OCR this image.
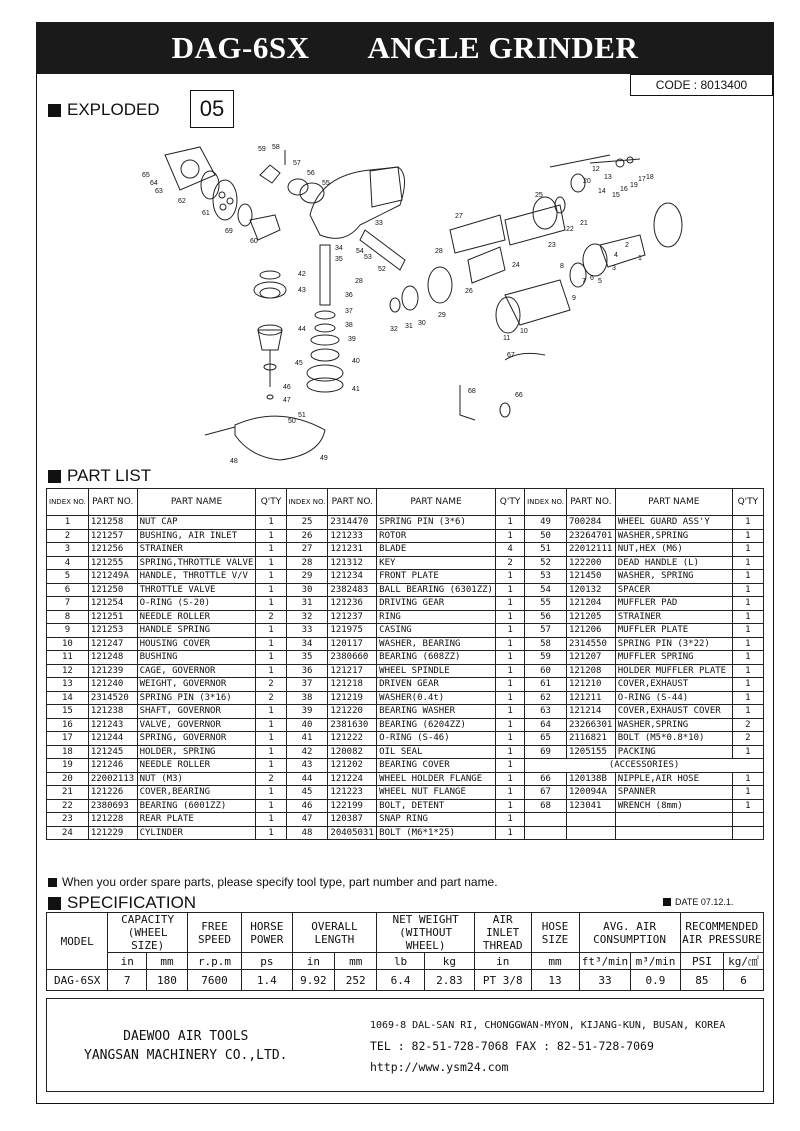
DAG-6SX ANGLE GRINDER
CODE : 8013400
EXPLODED	05
65
64
63
62
61
69
60
59 58
57
56
55
33
54
53
52
34
35
42
43
44
45
46
47
51
50
48	49
28
36
37
38
39
40
41
32 31 30
29
28
27
26
25
24
23
22
21
20
12
13
14
15
16
19
17 18
2
4	1
3
5
6
7
8
9
10
11
67
68
66
PART LIST
INDEX NO.	PART NO.	PART NAME	Q'TY	INDEX NO.	PART NO.	PART NAME	Q'TY	INDEX NO.	PART NO.	PART NAME	Q'TY
1	121258	NUT CAP	1	25	2314470	SPRING PIN (3*6)	1	49	700284	WHEEL GUARD ASS'Y	1
2	121257	BUSHING, AIR INLET	1	26	121233	ROTOR	1	50	23264701	WASHER,SPRING	1
3	121256	STRAINER	1	27	121231	BLADE	4	51	22012111	NUT,HEX (M6)	1
4	121255	SPRING,THROTTLE VALVE	1	28	121312	KEY	2	52	122200	DEAD HANDLE (L)	1
5	121249A	HANDLE, THROTTLE V/V	1	29	121234	FRONT PLATE	1	53	121450	WASHER, SPRING	1
6	121250	THROTTLE VALVE	1	30	2382483	BALL BEARING (6301ZZ)	1	54	120132	SPACER	1
7	121254	O-RING (S-20)	1	31	121236	DRIVING GEAR	1	55	121204	MUFFLER PAD	1
8	121251	NEEDLE ROLLER	2	32	121237	RING	1	56	121205	STRAINER	1
9	121253	HANDLE SPRING	1	33	121975	CASING	1	57	121206	MUFFLER PLATE	1
10	121247	HOUSING COVER	1	34	120117	WASHER, BEARING	1	58	2314550	SPRING PIN (3*22)	1
11	121248	BUSHING	1	35	2380660	BEARING (608ZZ)	1	59	121207	MUFFLER SPRING	1
12	121239	CAGE, GOVERNOR	1	36	121217	WHEEL SPINDLE	1	60	121208	HOLDER MUFFLER PLATE	1
13	121240	WEIGHT, GOVERNOR	2	37	121218	DRIVEN GEAR	1	61	121210	COVER,EXHAUST	1
14	2314520	SPRING PIN (3*16)	2	38	121219	WASHER(0.4t)	1	62	121211	O-RING (S-44)	1
15	121238	SHAFT, GOVERNOR	1	39	121220	BEARING WASHER	1	63	121214	COVER,EXHAUST COVER	1
16	121243	VALVE, GOVERNOR	1	40	2381630	BEARING (6204ZZ)	1	64	23266301	WASHER,SPRING	2
17	121244	SPRING, GOVERNOR	1	41	121222	O-RING (S-46)	1	65	2116821	BOLT (M5*0.8*10)	2
18	121245	HOLDER, SPRING	1	42	120082	OIL SEAL	1	69	1205155	PACKING	1
19	121246	NEEDLE ROLLER	1	43	121202	BEARING COVER	1	(ACCESSORIES)			
20	22002113	NUT (M3)	2	44	121224	WHEEL HOLDER FLANGE	1	66	120138B	NIPPLE,AIR HOSE	1
21	121226	COVER,BEARING	1	45	121223	WHEEL NUT FLANGE	1	67	120094A	SPANNER	1
22	2380693	BEARING (6001ZZ)	1	46	122199	BOLT, DETENT	1	68	123041	WRENCH (8mm)	1
23	121228	REAR PLATE	1	47	120387	SNAP RING	1				
24	121229	CYLINDER	1	48	20405031	BOLT (M6*1*25)	1				
When you order spare parts, please specify tool type, part number and part name.
SPECIFICATION	DATE 07.12.1.
MODEL	CAPACITY (WHEEL SIZE)		FREE SPEED	HORSE POWER	OVERALL LENGTH		NET WEIGHT (WITHOUT WHEEL)		AIR INLET THREAD	HOSE SIZE	AVG. AIR CONSUMPTION		RECOMMENDED AIR PRESSURE	
	in	mm	r.p.m	ps	in	mm	lb	kg	in	mm	ft³/min	m³/min	PSI	kg/㎠
DAG-6SX	7	180	7600	1.4	9.92	252	6.4	2.83	PT 3/8	13	33	0.9	85	6
DAEWOO AIR TOOLS
YANGSAN MACHINERY CO.,LTD.
1069-8 DAL-SAN RI, CHONGGWAN-MYON, KIJANG-KUN, BUSAN, KOREA
TEL : 82-51-728-7068 FAX : 82-51-728-7069
http://www.ysm24.com
